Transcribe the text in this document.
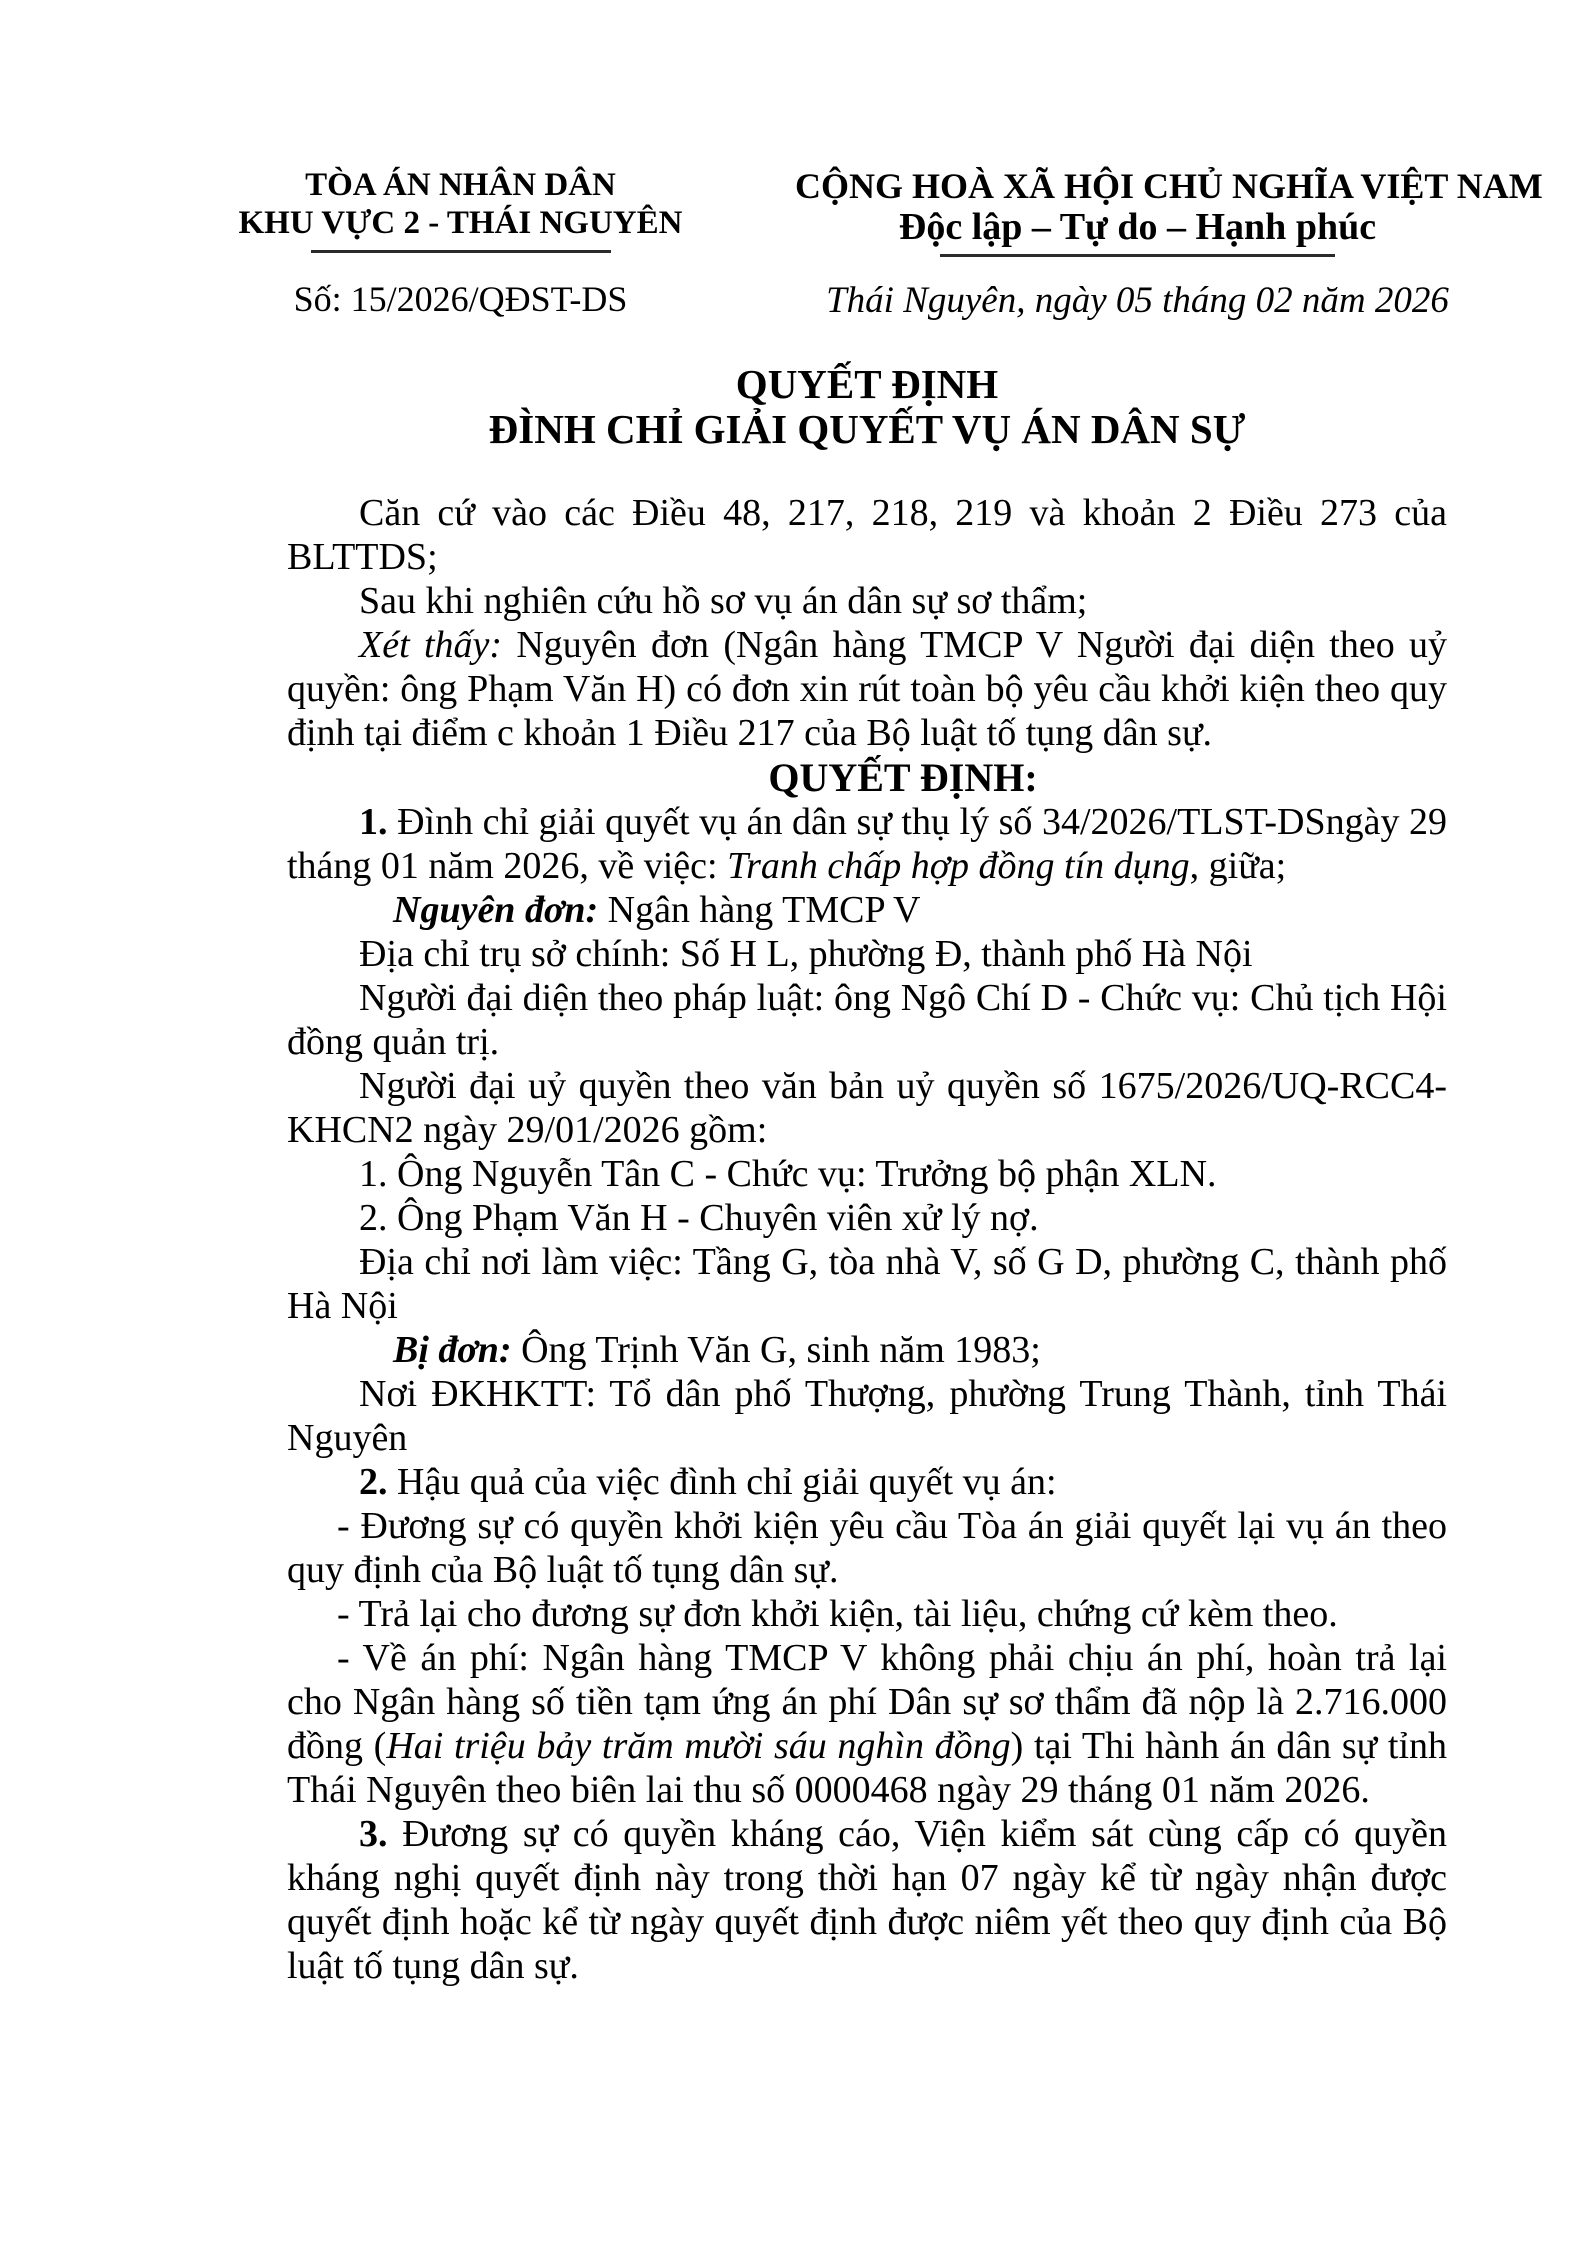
TÒA ÁN NHÂN DÂN
KHU VỰC 2 - THÁI NGUYÊN
Số: 15/2026/QĐST-DS
CỘNG HOÀ XÃ HỘI CHỦ NGHĨA VIỆT NAM
Độc lập – Tự do – Hạnh phúc
Thái Nguyên, ngày 05 tháng 02 năm 2026
QUYẾT ĐỊNH
ĐÌNH CHỈ GIẢI QUYẾT VỤ ÁN DÂN SỰ

Căn cứ vào các Điều 48, 217, 218, 219 và khoản 2 Điều 273 của BLTTDS;

Sau khi nghiên cứu hồ sơ vụ án dân sự sơ thẩm;

Xét thấy: Nguyên đơn (Ngân hàng TMCP V Người đại diện theo uỷ quyền: ông Phạm Văn H) có đơn xin rút toàn bộ yêu cầu khởi kiện theo quy định tại điểm c khoản 1 Điều 217 của Bộ luật tố tụng dân sự.

QUYẾT ĐỊNH:

1. Đình chỉ giải quyết vụ án dân sự thụ lý số 34/2026/TLST-DSngày 29 tháng 01 năm 2026, về việc: Tranh chấp hợp đồng tín dụng, giữa;

Nguyên đơn: Ngân hàng TMCP V

Địa chỉ trụ sở chính: Số H L, phường Đ, thành phố Hà Nội

Người đại diện theo pháp luật: ông Ngô Chí D - Chức vụ: Chủ tịch Hội đồng quản trị.

Người đại uỷ quyền theo văn bản uỷ quyền số 1675/2026/UQ-RCC4-KHCN2 ngày 29/01/2026 gồm:

1. Ông Nguyễn Tân C - Chức vụ: Trưởng bộ phận XLN.

2. Ông Phạm Văn H - Chuyên viên xử lý nợ.

Địa chỉ nơi làm việc: Tầng G, tòa nhà V, số G D, phường C, thành phố Hà Nội

Bị đơn: Ông Trịnh Văn G, sinh năm 1983;

Nơi ĐKHKTT: Tổ dân phố Thượng, phường Trung Thành, tỉnh Thái Nguyên

2. Hậu quả của việc đình chỉ giải quyết vụ án:

- Đương sự có quyền khởi kiện yêu cầu Tòa án giải quyết lại vụ án theo quy định của Bộ luật tố tụng dân sự.

- Trả lại cho đương sự đơn khởi kiện, tài liệu, chứng cứ kèm theo.

- Về án phí: Ngân hàng TMCP V không phải chịu án phí, hoàn trả lại cho Ngân hàng số tiền tạm ứng án phí Dân sự sơ thẩm đã nộp là 2.716.000 đồng (Hai triệu bảy trăm mười sáu nghìn đồng) tại Thi hành án dân sự tỉnh Thái Nguyên theo biên lai thu số 0000468 ngày 29 tháng 01 năm 2026.

3. Đương sự có quyền kháng cáo, Viện kiểm sát cùng cấp có quyền kháng nghị quyết định này trong thời hạn 07 ngày kể từ ngày nhận được quyết định hoặc kể từ ngày quyết định được niêm yết theo quy định của Bộ luật tố tụng dân sự.
